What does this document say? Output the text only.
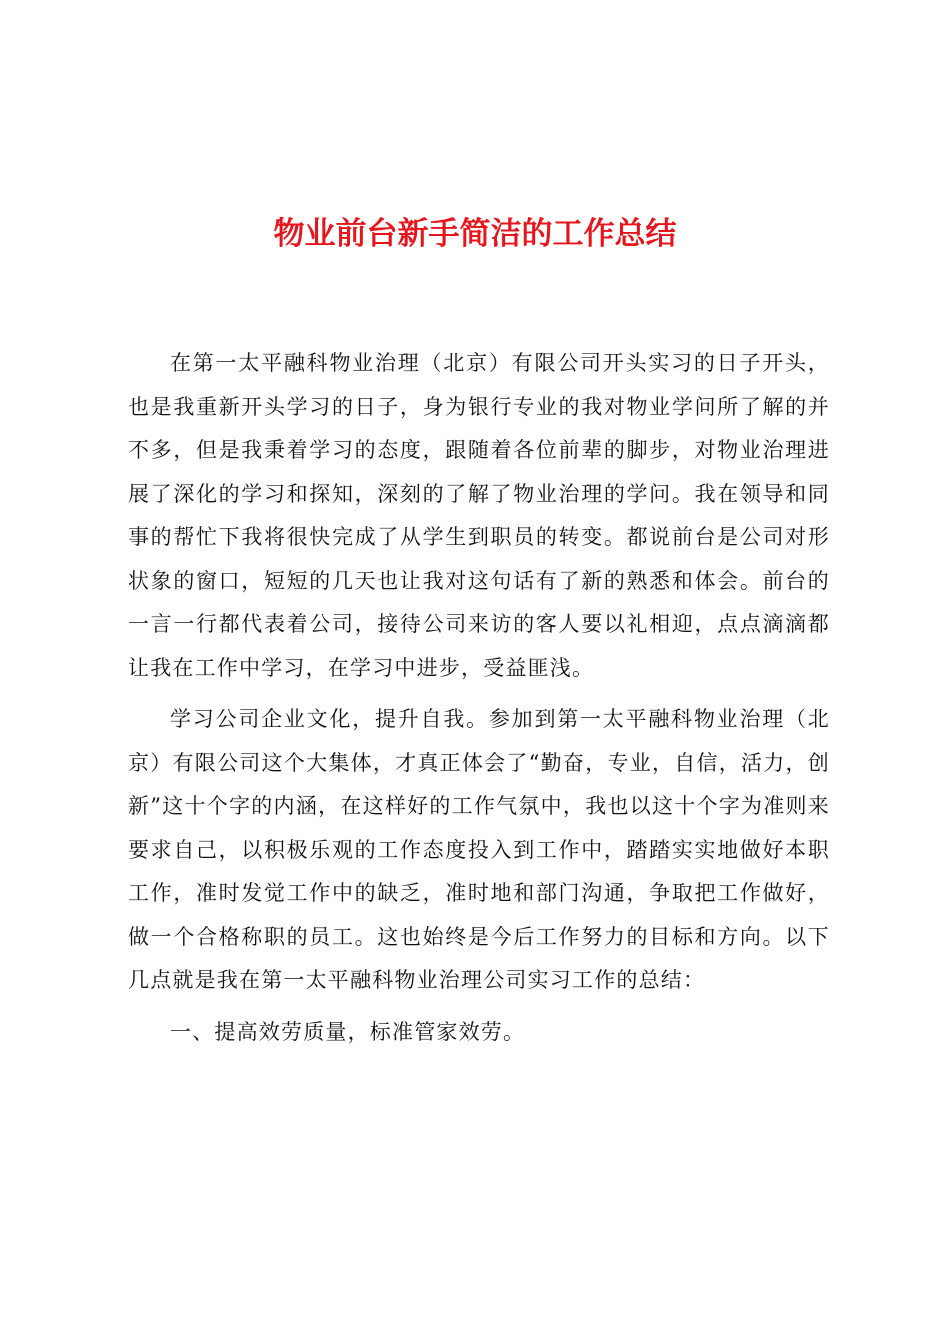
物业前台新手简洁的工作总结

在第一太平融科物业治理（北京）有限公司开头实习的日子开头，也是我重新开头学习的日子，身为银行专业的我对物业学问所了解的并不多，但是我秉着学习的态度，跟随着各位前辈的脚步，对物业治理进展了深化的学习和探知，深刻的了解了物业治理的学问。我在领导和同事的帮忙下我将很快完成了从学生到职员的转变。都说前台是公司对形状象的窗口，短短的几天也让我对这句话有了新的熟悉和体会。前台的一言一行都代表着公司，接待公司来访的客人要以礼相迎，点点滴滴都让我在工作中学习，在学习中进步，受益匪浅。

学习公司企业文化，提升自我。参加到第一太平融科物业治理（北京）有限公司这个大集体，才真正体会了“勤奋，专业，自信，活力，创新”这十个字的内涵，在这样好的工作气氛中，我也以这十个字为准则来要求自己，以积极乐观的工作态度投入到工作中，踏踏实实地做好本职工作，准时发觉工作中的缺乏，准时地和部门沟通，争取把工作做好，做一个合格称职的员工。这也始终是今后工作努力的目标和方向。以下几点就是我在第一太平融科物业治理公司实习工作的总结：

一、提高效劳质量，标准管家效劳。
